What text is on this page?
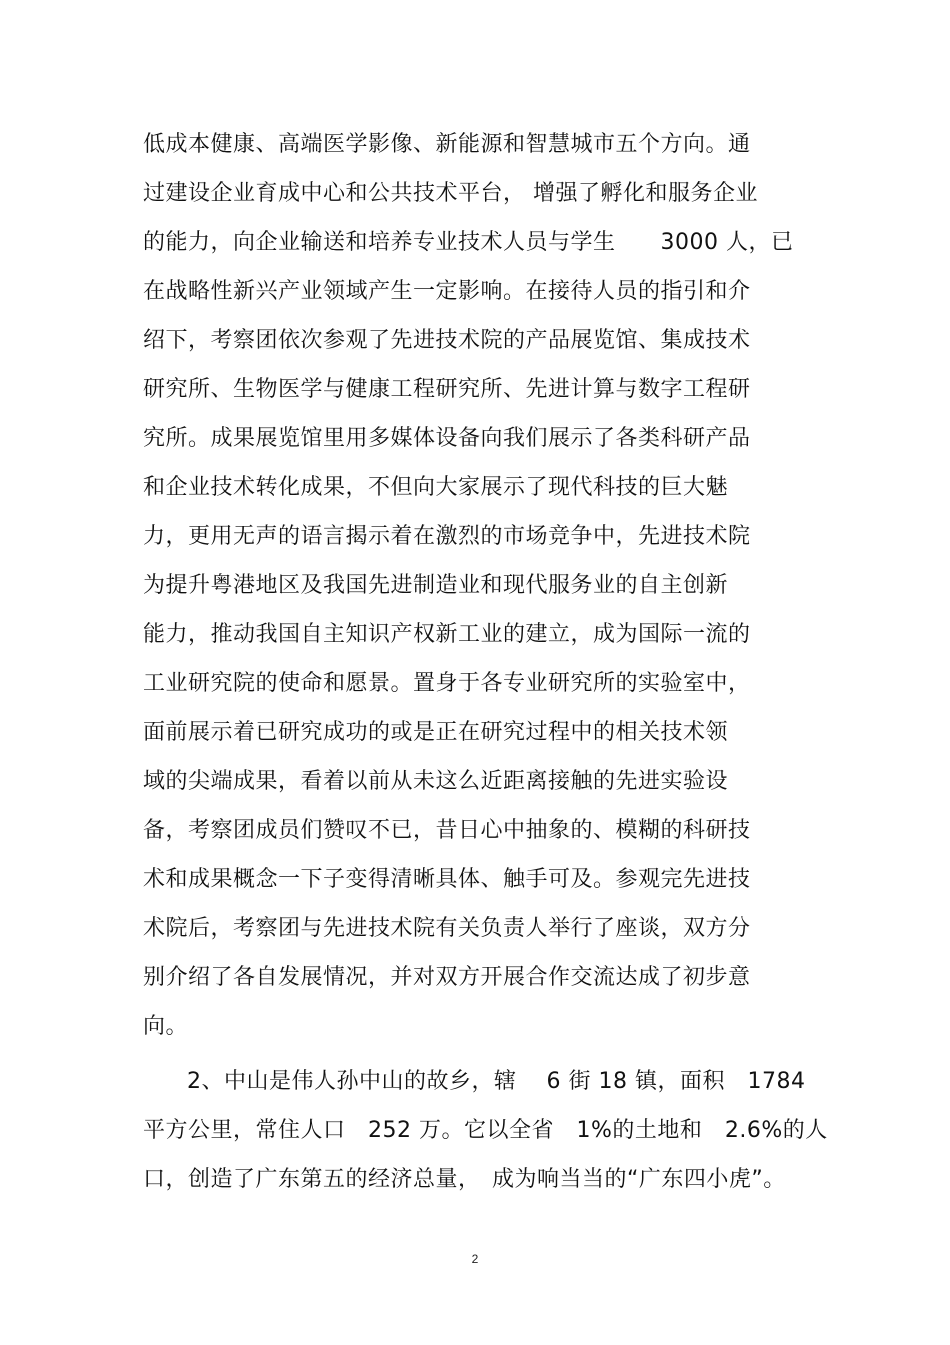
低成本健康、高端医学影像、新能源和智慧城市五个方向。通
过建设企业育成中心和公共技术平台， 增强了孵化和服务企业
的能力，向企业输送和培养专业技术人员与学生　　3000 人，已
在战略性新兴产业领域产生一定影响。在接待人员的指引和介
绍下，考察团依次参观了先进技术院的产品展览馆、集成技术
研究所、生物医学与健康工程研究所、先进计算与数字工程研
究所。成果展览馆里用多媒体设备向我们展示了各类科研产品
和企业技术转化成果，不但向大家展示了现代科技的巨大魅
力，更用无声的语言揭示着在激烈的市场竞争中，先进技术院
为提升粤港地区及我国先进制造业和现代服务业的自主创新
能力，推动我国自主知识产权新工业的建立，成为国际一流的
工业研究院的使命和愿景。置身于各专业研究所的实验室中，
面前展示着已研究成功的或是正在研究过程中的相关技术领
域的尖端成果，看着以前从未这么近距离接触的先进实验设
备，考察团成员们赞叹不已，昔日心中抽象的、模糊的科研技
术和成果概念一下子变得清晰具体、触手可及。参观完先进技
术院后，考察团与先进技术院有关负责人举行了座谈，双方分
别介绍了各自发展情况，并对双方开展合作交流达成了初步意
向。
2、中山是伟人孙中山的故乡，辖　 6 街 18 镇，面积　1784
平方公里，常住人口　252 万。它以全省　1%的土地和　2.6%的人
口，创造了广东第五的经济总量，　成为响当当的“广东四小虎”。
2
